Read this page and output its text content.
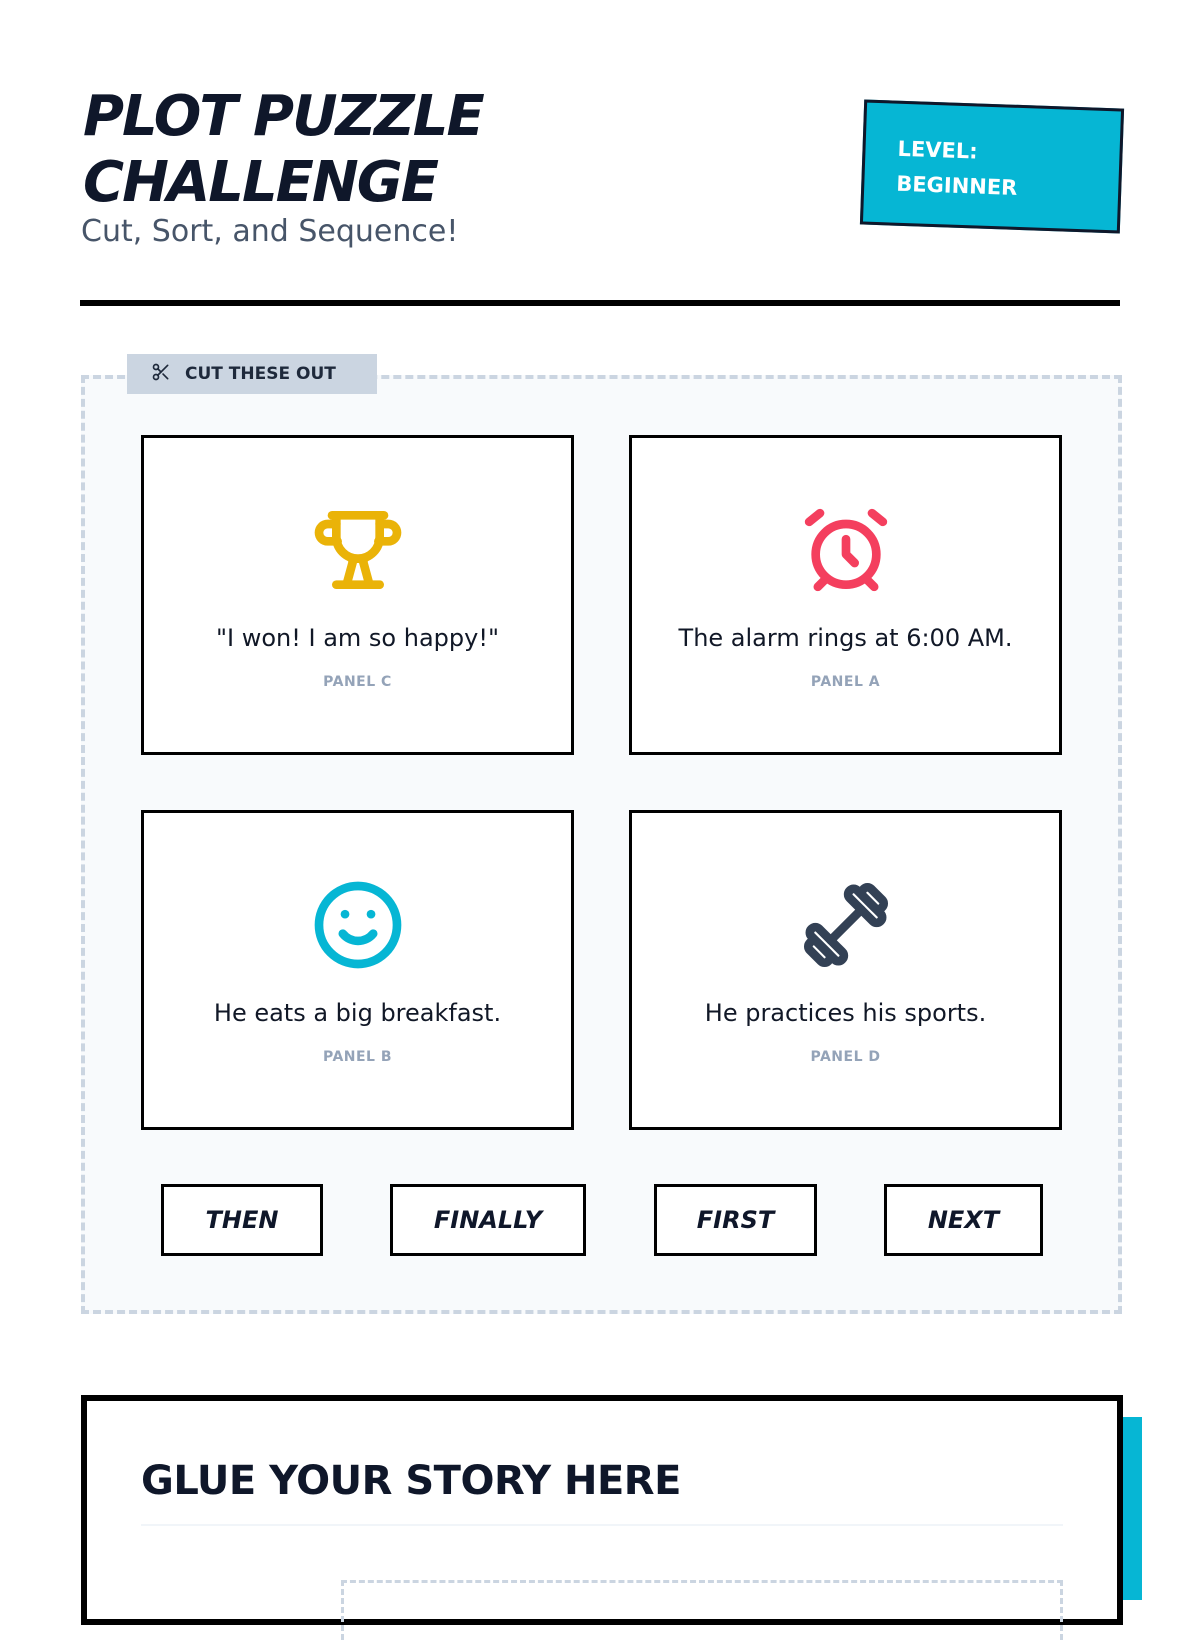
PLOT PUZZLE
CHALLENGE
Cut, Sort, and Sequence!
LEVEL:
BEGINNER
CUT THESE OUT
"I won! I am so happy!"
PANEL C
The alarm rings at 6:00 AM.
PANEL A
He eats a big breakfast.
PANEL B
He practices his sports.
PANEL D
THEN	FINALLY	FIRST	NEXT
GLUE YOUR STORY HERE
